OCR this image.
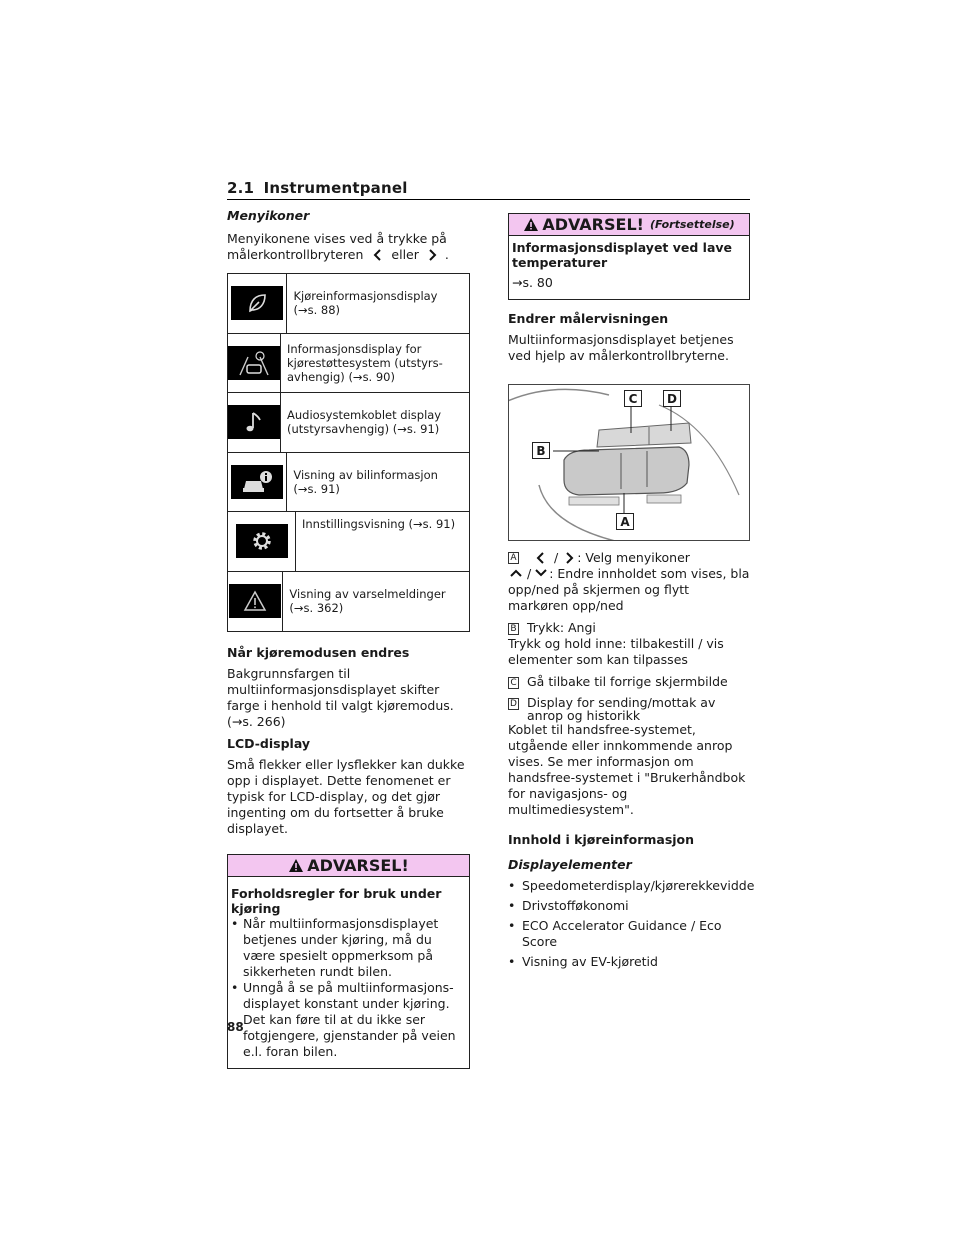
2.1 Instrumentpanel
Menyikoner
Menyikonene vises ved å trykke på
målerkontrollbryteren eller .
Kjøreinformasjonsdisplay (→s. 88)
Informasjonsdisplay for kjørestøttesystem (utstyrs-avhengig) (→s. 90)
Audiosystemkoblet display (utstyrsavhengig) (→s. 91)
Visning av bilinformasjon (→s. 91)
Innstillingsvisning (→s. 91)
Visning av varselmeldinger (→s. 362)
Når kjøremodusen endres
Bakgrunnsfargen til multiinformasjonsdisplayet skifter farge i henhold til valgt kjøremodus. (→s. 266)
LCD-display
Små flekker eller lysflekker kan dukke opp i displayet. Dette fenomenet er typisk for LCD-display, og det gjør ingenting om du fortsetter å bruke displayet.
ADVARSEL!
Forholdsregler for bruk under kjøring
• Når multiinformasjonsdisplayet betjenes under kjøring, må du være spesielt oppmerksom på sikkerheten rundt bilen.
• Unngå å se på multiinformasjons-displayet konstant under kjøring. Det kan føre til at du ikke ser fotgjengere, gjenstander på veien e.l. foran bilen.
ADVARSEL! (Fortsettelse)
Informasjonsdisplayet ved lave temperaturer
→s. 80
Endrer målervisningen
Multiinformasjonsdisplayet betjenes ved hjelp av målerkontrollbryterne.
C	D
B
A
A	/ : Velg menyikoner
/ : Endre innholdet som vises, bla opp/ned på skjermen og flytt markøren opp/ned
B Trykk: Angi
Trykk og hold inne: tilbakestill / vis elementer som kan tilpasses
C Gå tilbake til forrige skjermbilde
D Display for sending/mottak av anrop og historikk
Koblet til handsfree-systemet, utgående eller innkommende anrop vises. Se mer informasjon om handsfree-systemet i "Brukerhåndbok for navigasjons- og multimediesystem".
Innhold i kjøreinformasjon
Displayelementer
• Speedometerdisplay/kjørerekkevidde
• Drivstofføkonomi
• ECO Accelerator Guidance / Eco Score
• Visning av EV-kjøretid
88
